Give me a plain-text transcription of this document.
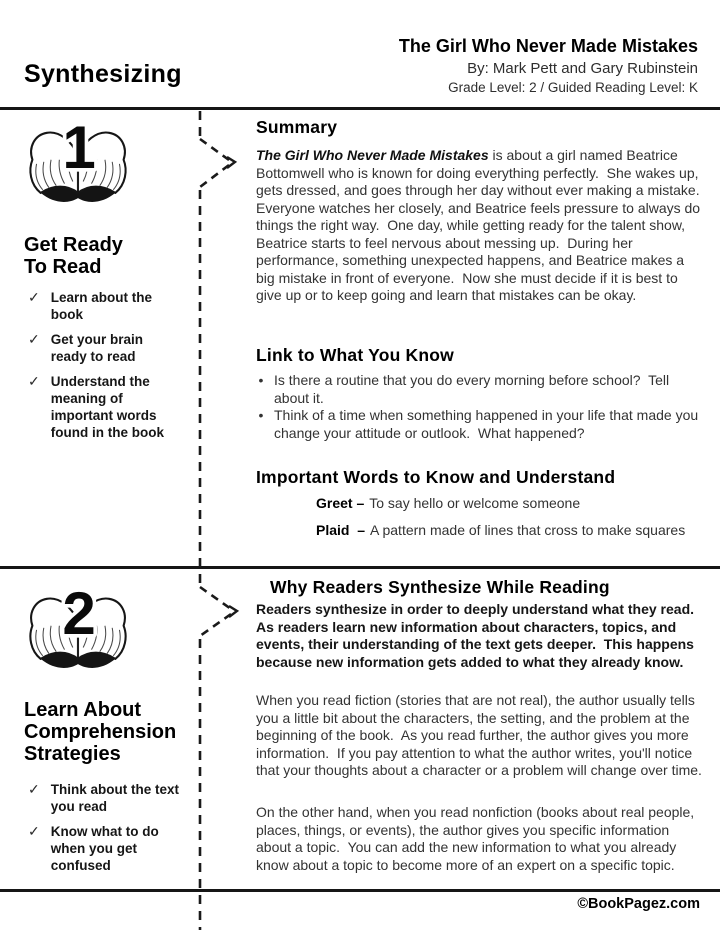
Synthesizing
The Girl Who Never Made Mistakes
By: Mark Pett and Gary Rubinstein
Grade Level: 2 / Guided Reading Level: K
1
Get Ready
To Read
✓ Learn about the book
✓ Get your brain ready to read
✓ Understand the meaning of important words found in the book
Summary
The Girl Who Never Made Mistakes is about a girl named Beatrice Bottomwell who is known for doing everything perfectly.  She wakes up, gets dressed, and goes through her day without ever making a mistake.  Everyone watches her closely, and Beatrice feels pressure to always do things the right way.  One day, while getting ready for the talent show, Beatrice starts to feel nervous about messing up.  During her performance, something unexpected happens, and Beatrice makes a big mistake in front of everyone.  Now she must decide if it is best to give up or to keep going and learn that mistakes can be okay.
Link to What You Know
• Is there a routine that you do every morning before school?  Tell about it.
• Think of a time when something happened in your life that made you change your attitude or outlook.  What happened?
Important Words to Know and Understand
Greet – To say hello or welcome someone
Plaid  – A pattern made of lines that cross to make squares
2
Learn About
Comprehension
Strategies
✓ Think about the text you read
✓ Know what to do when you get confused
Why Readers Synthesize While Reading
Readers synthesize in order to deeply understand what they read.  As readers learn new information about characters, topics, and events, their understanding of the text gets deeper.  This happens because new information gets added to what they already know.
When you read fiction (stories that are not real), the author usually tells you a little bit about the characters, the setting, and the problem at the beginning of the book.  As you read further, the author gives you more information.  If you pay attention to what the author writes, you'll notice that your thoughts about a character or a problem will change over time.
On the other hand, when you read nonfiction (books about real people, places, things, or events), the author gives you specific information about a topic.  You can add the new information to what you already know about a topic to become more of an expert on a specific topic.
©BookPagez.com
